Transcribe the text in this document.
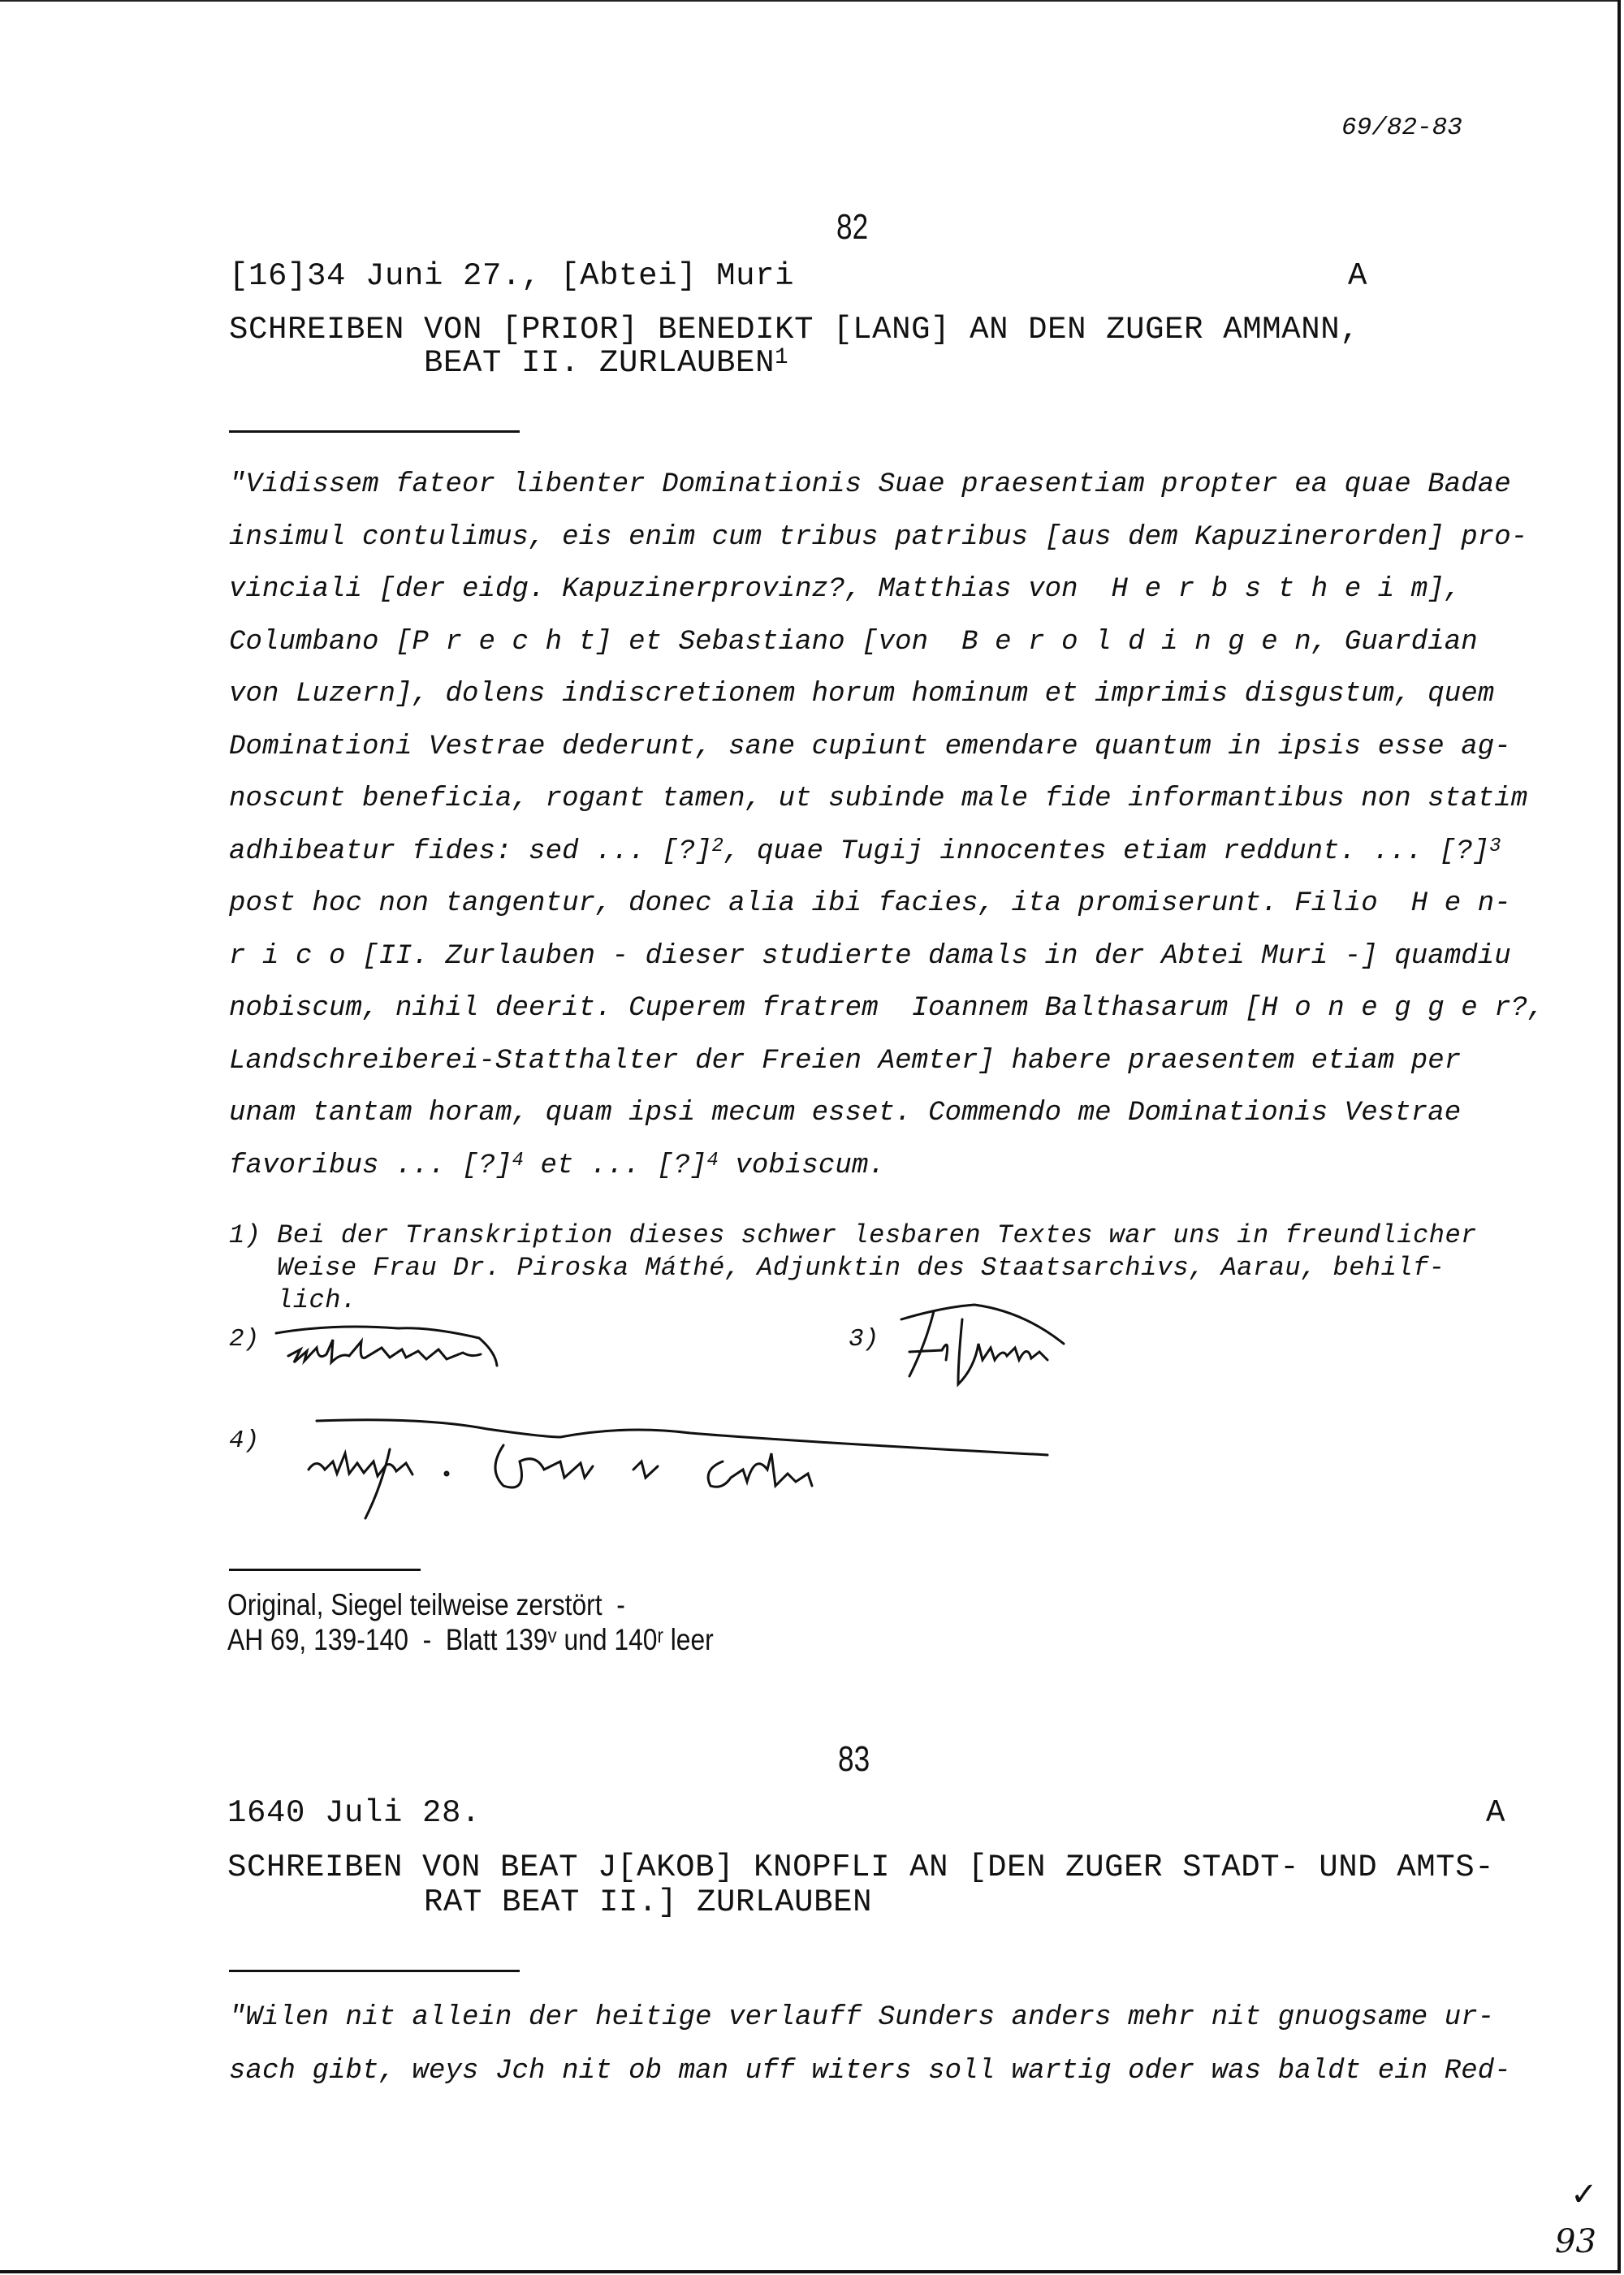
69/82-83
82
[16]34 Juni 27., [Abtei] Muri	A
SCHREIBEN VON [PRIOR] BENEDIKT [LANG] AN DEN ZUGER AMMANN,
BEAT II. ZURLAUBEN$^1$
"Vidissem fateor libenter Dominationis Suae praesentiam propter ea quae Badae
insimul contulimus, eis enim cum tribus patribus [aus dem Kapuzinerorden] pro-
vinciali [der eidg. Kapuzinerprovinz?, Matthias von  H e r b s t h e i m],
Columbano [P r e c h t] et Sebastiano [von  B e r o l d i n g e n, Guardian
von Luzern], dolens indiscretionem horum hominum et imprimis disgustum, quem
Dominationi Vestrae dederunt, sane cupiunt emendare quantum in ipsis esse ag-
noscunt beneficia, rogant tamen, ut subinde male fide informantibus non statim
adhibeatur fides: sed ... [?]$^2$, quae Tugij innocentes etiam reddunt. ... [?]$^3$
post hoc non tangentur, donec alia ibi facies, ita promiserunt. Filio  H e n-
r i c o [II. Zurlauben - dieser studierte damals in der Abtei Muri -] quamdiu
nobiscum, nihil deerit. Cuperem fratrem  Ioannem Balthasarum [H o n e g g e r?,
Landschreiberei-Statthalter der Freien Aemter] habere praesentem etiam per
unam tantam horam, quam ipsi mecum esset. Commendo me Dominationis Vestrae
favoribus ... [?]$^4$ et ... [?]$^4$ vobiscum.
1) Bei der Transkription dieses schwer lesbaren Textes war uns in freundlicher
Weise Frau Dr. Piroska Máthé, Adjunktin des Staatsarchivs, Aarau, behilf-
lich.
2)	3)
4)
Original, Siegel teilweise zerstört  -
AH 69, 139-140  -  Blatt 139$^v$ und 140$^r$ leer
83
1640 Juli 28.	A
SCHREIBEN VON BEAT J[AKOB] KNOPFLI AN [DEN ZUGER STADT- UND AMTS-
RAT BEAT II.] ZURLAUBEN
"Wilen nit allein der heitige verlauff Sunders anders mehr nit gnuogsame ur-
sach gibt, weys Jch nit ob man uff witers soll wartig oder was baldt ein Red-
✓
93
